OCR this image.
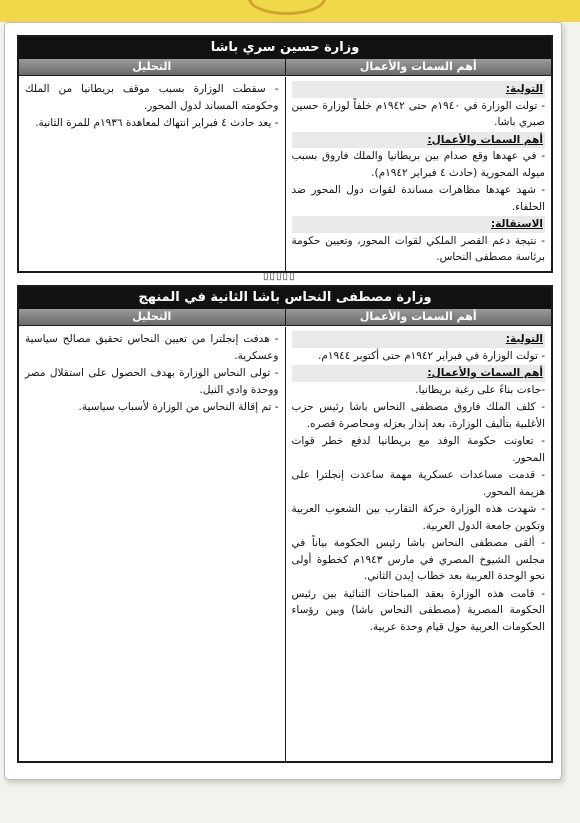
وزارة حسين سري باشا
أهم السمات والأعمال
التحليل
التولية:

- تولت الوزارة في ١٩٤٠م حتى ١٩٤٢م خلفاً لوزارة حسين صبري باشا.

أهم السمات والأعمال:

- في عهدها وقع صدام بين بريطانيا والملك فاروق بسبب ميوله المحورية (حادث ٤ فبراير ١٩٤٢م).

- شهد عهدها مظاهرات مساندة لقوات دول المحور ضد الحلفاء.

الاستقالة:

- نتيجة دعم القصر الملكي لقوات المحور، وتعيين حكومة برئاسة مصطفى النحاس.

- سقطت الوزارة بسبب موقف بريطانيا من الملك وحكومته المساند لدول المحور.

- يعد حادث ٤ فبراير انتهاك لمعاهدة ١٩٣٦م للمرة الثانية.

▯▯▯▯▯
وزارة مصطفى النحاس باشا الثانية في المنهج
أهم السمات والأعمال
التحليل
التولية:

- تولت الوزارة في فبراير ١٩٤٢م حتى أكتوبر ١٩٤٤م.

أهم السمات والأعمال:

-جاءت بناءً على رغبة بريطانيا.

- كلف الملك فاروق مصطفى النحاس باشا رئيس حزب الأغلبية بتأليف الوزارة، بعد إنذار بعزله ومحاصرة قصره.

- تعاونت حكومة الوفد مع بريطانيا لدفع خطر قوات المحور.

- قدمت مساعدات عسكرية مهمة ساعدت إنجلترا على هزيمة المحور.

- شهدت هذه الوزارة حركة التقارب بين الشعوب العربية وتكوين جامعة الدول العربية.

- ألقى مصطفى النحاس باشا رئيس الحكومة بياناً في مجلس الشيوخ المصري في مارس ١٩٤٣م كخطوة أولى نحو الوحدة العربية بعد خطاب إيدن الثاني.

- قامت هذه الوزارة بعقد المباحثات الثنائية بين رئيس الحكومة المصرية (مصطفى النحاس باشا) وبين رؤساء الحكومات العربية حول قيام وحدة عربية.

- هدفت إنجلترا من تعيين النحاس تحقيق مصالح سياسية وعسكرية.

- تولى النحاس الوزارة بهدف الحصول على استقلال مصر ووحدة وادي النيل.

- تم إقالة النحاس من الوزارة لأسباب سياسية.
